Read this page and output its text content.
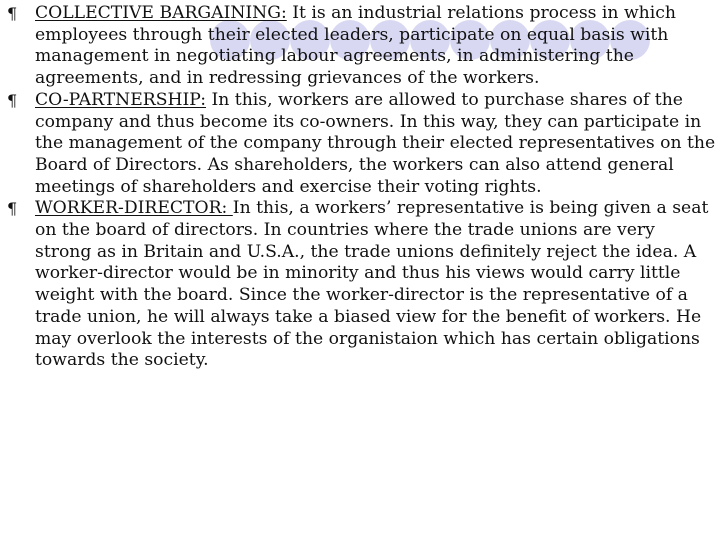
¶ COLLECTIVE BARGAINING: It is an industrial relations process in which employees through their elected leaders, participate on equal basis with management in negotiating labour agreements, in administering the agreements, and in redressing grievances of the workers.

¶ CO-PARTNERSHIP: In this, workers are allowed to purchase shares of the company and thus become its co-owners. In this way, they can participate in the management of the company through their elected representatives on the Board of Directors. As shareholders, the workers can also attend general meetings of shareholders and exercise their voting rights.

¶ WORKER-DIRECTOR: In this, a workers’ representative is being given a seat on the board of directors. In countries where the trade unions are very strong as in Britain and U.S.A., the trade unions definitely reject the idea. A worker-director would be in minority and thus his views would carry little weight with the board. Since the worker-director is the representative of a trade union, he will always take a biased view for the benefit of workers. He may overlook the interests of the organistaion which has certain obligations towards the society.
